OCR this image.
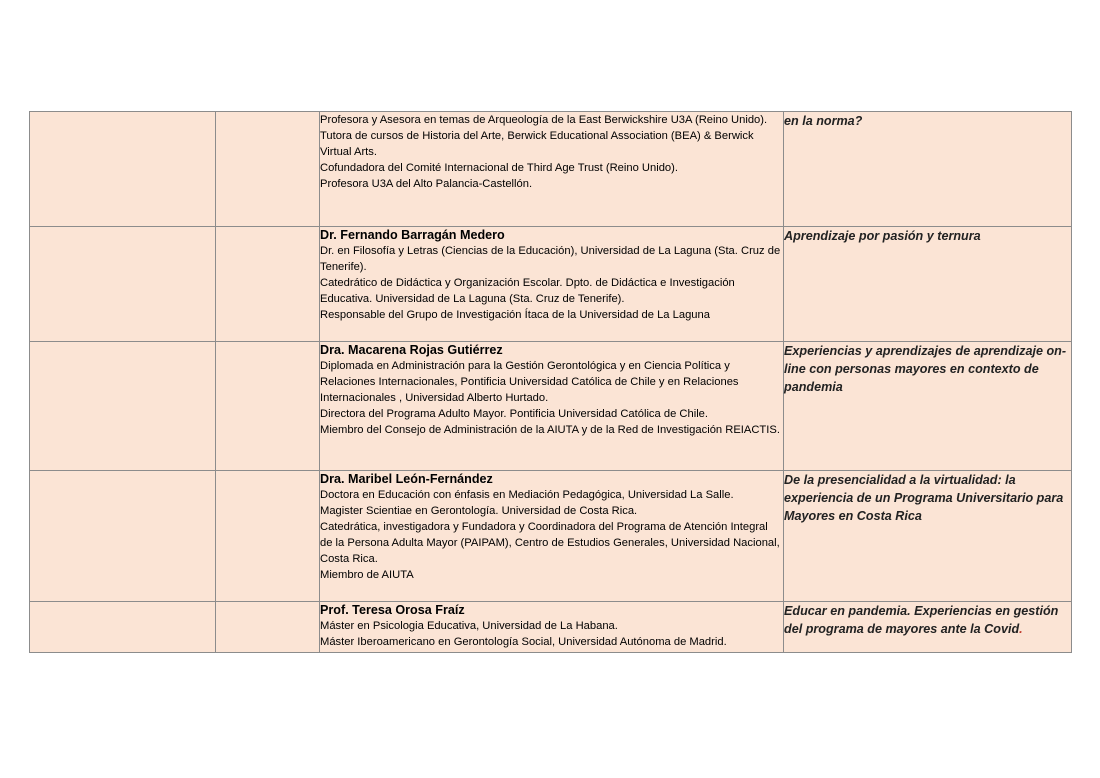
		Profesora y Asesora en temas de Arqueología de la East Berwickshire U3A (Reino Unido).
Tutora de cursos de Historia del Arte, Berwick Educational Association (BEA) & Berwick Virtual Arts.
Cofundadora del Comité Internacional de Third Age Trust (Reino Unido).
Profesora U3A del Alto Palancia-Castellón.	en la norma?

		Dr. Fernando Barragán Medero
Dr. en Filosofía y Letras (Ciencias de la Educación), Universidad de La Laguna (Sta. Cruz de Tenerife).
Catedrático de Didáctica y Organización Escolar. Dpto. de Didáctica e Investigación Educativa. Universidad de La Laguna (Sta. Cruz de Tenerife).
Responsable del Grupo de Investigación Ítaca de la Universidad de La Laguna	Aprendizaje por pasión y ternura

		Dra. Macarena Rojas Gutiérrez
Diplomada en Administración para la Gestión Gerontológica y en Ciencia Política y Relaciones Internacionales, Pontificia Universidad Católica de Chile y en Relaciones Internacionales , Universidad Alberto Hurtado.
Directora del Programa Adulto Mayor. Pontificia Universidad Católica de Chile.
Miembro del Consejo de Administración de la AIUTA y de la Red de Investigación REIACTIS.	Experiencias y aprendizajes de aprendizaje on-line con personas mayores en contexto de pandemia

		Dra. Maribel León-Fernández
Doctora en Educación con énfasis en Mediación Pedagógica, Universidad La Salle.
Magister Scientiae en Gerontología. Universidad de Costa Rica.
Catedrática, investigadora y Fundadora y Coordinadora del Programa de Atención Integral de la Persona Adulta Mayor (PAIPAM), Centro de Estudios Generales, Universidad Nacional, Costa Rica.
Miembro de AIUTA	De la presencialidad a la virtualidad: la experiencia de un Programa Universitario para Mayores en Costa Rica

		Prof. Teresa Orosa Fraíz
Máster en Psicologia Educativa, Universidad de La Habana.
Máster Iberoamericano en Gerontología Social, Universidad Autónoma de Madrid.	Educar en pandemia. Experiencias en gestión del programa de mayores ante la Covid.
